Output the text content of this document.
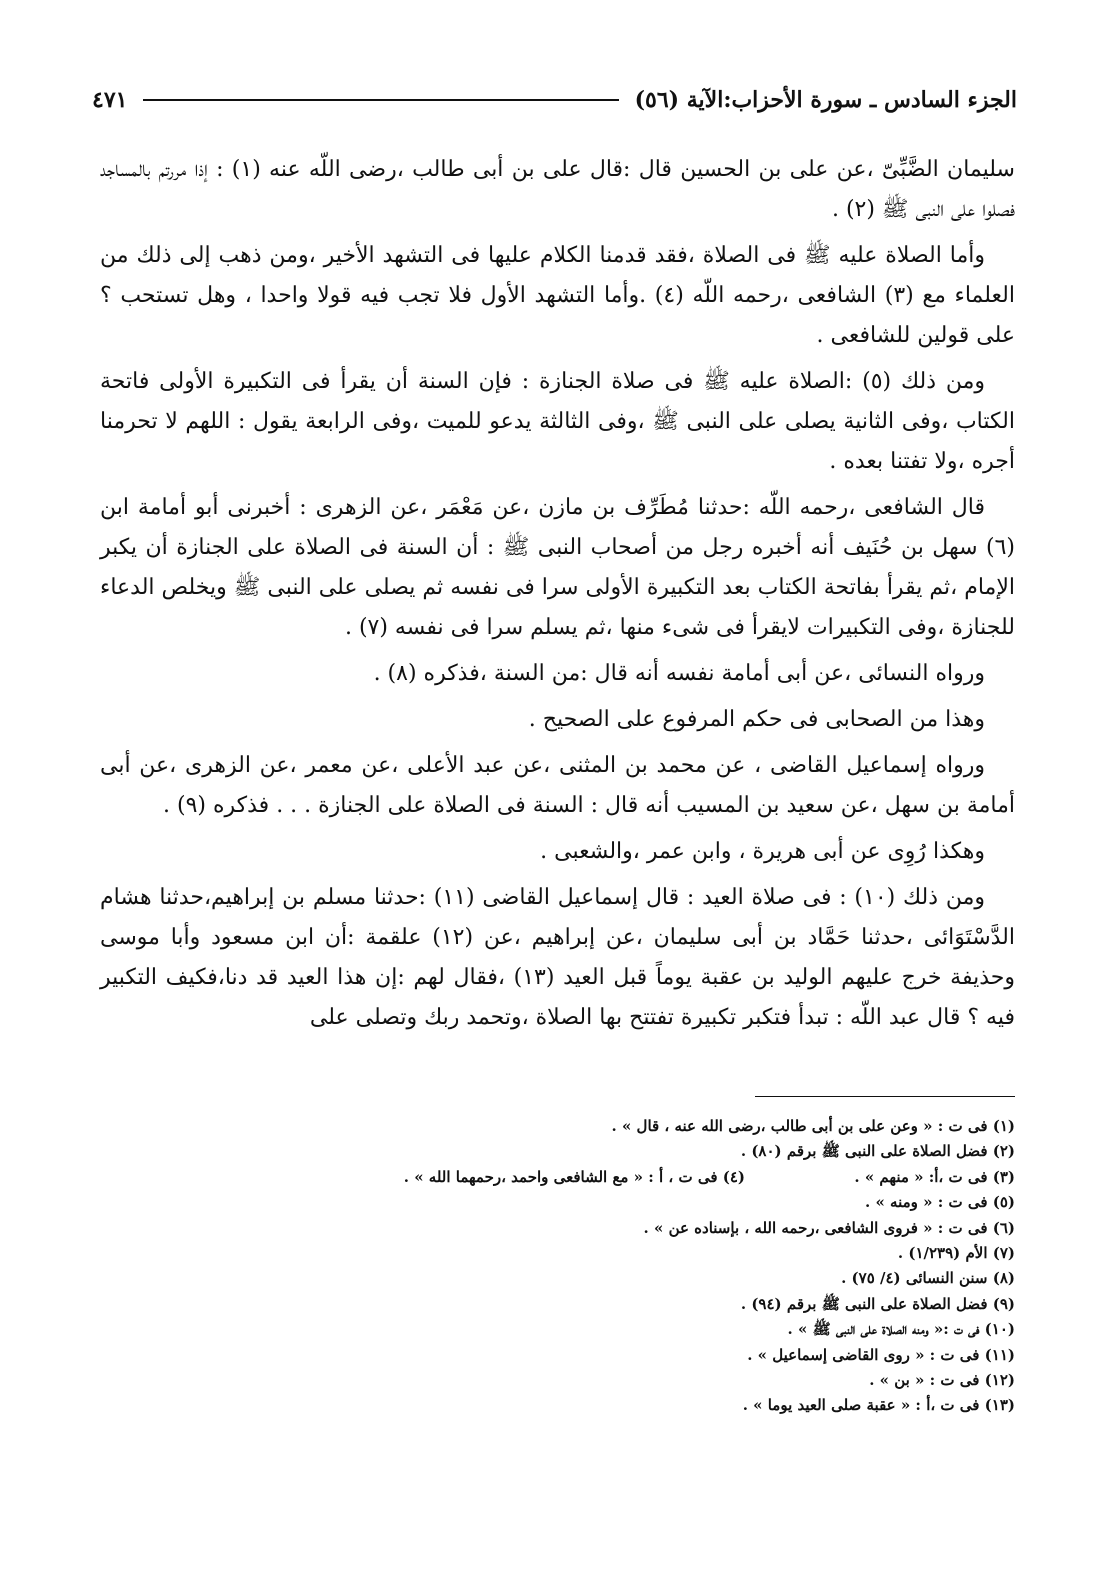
الجزء السادس ـ سورة الأحزاب:الآية (٥٦)
٤٧١

سليمان الضَّبِّىّ ،عن على بن الحسين قال :قال على بن أبى طالب ،رضى اللّه عنه (١) : إذا مررتم بالمساجد فصلوا على النبى ﷺ (٢) .

وأما الصلاة عليه ﷺ فى الصلاة ،فقد قدمنا الكلام عليها فى التشهد الأخير ،ومن ذهب إلى ذلك من العلماء مع (٣) الشافعى ،رحمه اللّه (٤) .وأما التشهد الأول فلا تجب فيه قولا واحدا ، وهل تستحب ؟ على قولين للشافعى .

ومن ذلك (٥) :الصلاة عليه ﷺ فى صلاة الجنازة : فإن السنة أن يقرأ فى التكبيرة الأولى فاتحة الكتاب ،وفى الثانية يصلى على النبى ﷺ ،وفى الثالثة يدعو للميت ،وفى الرابعة يقول : اللهم لا تحرمنا أجره ،ولا تفتنا بعده .

قال الشافعى ،رحمه اللّه :حدثنا مُطَرِّف بن مازن ،عن مَعْمَر ،عن الزهرى : أخبرنى أبو أمامة ابن (٦) سهل بن حُنَيف أنه أخبره رجل من أصحاب النبى ﷺ : أن السنة فى الصلاة على الجنازة أن يكبر الإمام ،ثم يقرأ بفاتحة الكتاب بعد التكبيرة الأولى سرا فى نفسه ثم يصلى على النبى ﷺ ويخلص الدعاء للجنازة ،وفى التكبيرات لايقرأ فى شىء منها ،ثم يسلم سرا فى نفسه (٧) .

ورواه النسائى ،عن أبى أمامة نفسه أنه قال :من السنة ،فذكره (٨) .

وهذا من الصحابى فى حكم المرفوع على الصحيح .

ورواه إسماعيل القاضى ، عن محمد بن المثنى ،عن عبد الأعلى ،عن معمر ،عن الزهرى ،عن أبى أمامة بن سهل ،عن سعيد بن المسيب أنه قال : السنة فى الصلاة على الجنازة . . . فذكره (٩) .

وهكذا رُوِى عن أبى هريرة ، وابن عمر ،والشعبى .

ومن ذلك (١٠) : فى صلاة العيد : قال إسماعيل القاضى (١١) :حدثنا مسلم بن إبراهيم،حدثنا هشام الدَّسْتَوَائى ،حدثنا حَمَّاد بن أبى سليمان ،عن إبراهيم ،عن (١٢) علقمة :أن ابن مسعود وأبا موسى وحذيفة خرج عليهم الوليد بن عقبة يوماً قبل العيد (١٣) ،فقال لهم :إن هذا العيد قد دنا،فكيف التكبير فيه ؟ قال عبد اللّه : تبدأ فتكبر تكبيرة تفتتح بها الصلاة ،وتحمد ربك وتصلى على

(١) فى ت : « وعن على بن أبى طالب ،رضى الله عنه ، قال » .
(٢) فضل الصلاة على النبى ﷺ برقم (٨٠) .
(٣) فى ت ،أ: « منهم » .
(٤) فى ت ، أ : « مع الشافعى واحمد ،رحمهما الله » .
(٥) فى ت : « ومنه » .
(٦) فى ت : « فروى الشافعى ،رحمه الله ، بإسناده عن » .
(٧) الأم (١/٢٣٩) .
(٨) سنن النسائى (٤/ ٧٥) .
(٩) فضل الصلاة على النبى ﷺ برقم (٩٤) .
(١٠) فى ت :« ومنه الصلاة على النبى ﷺ » .
(١١) فى ت : « روى القاضى إسماعيل » .
(١٢) فى ت : « بن » .
(١٣) فى ت ،أ : « عقبة صلى العيد يوما » .
